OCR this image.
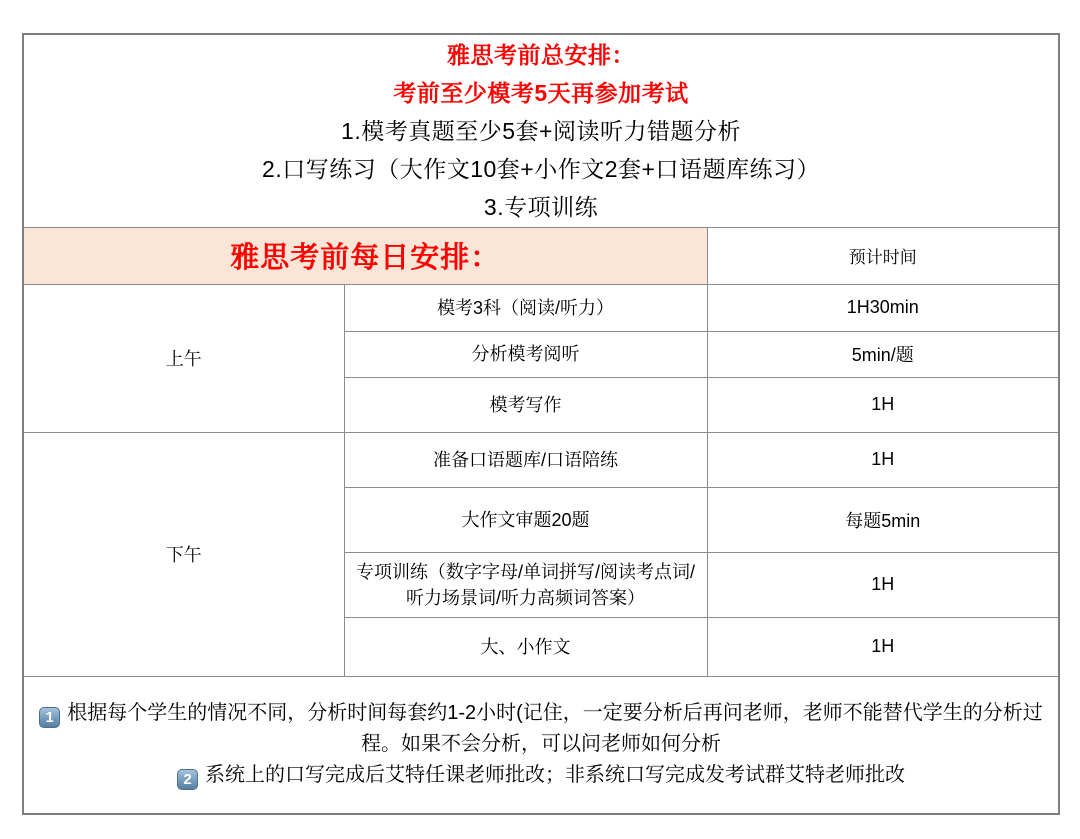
雅思考前总安排：
考前至少模考5天再参加考试
1.模考真题至少5套+阅读听力错题分析
2.口写练习（大作文10套+小作文2套+口语题库练习）
3.专项训练		

雅思考前每日安排：		预计时间
上午	模考3科（阅读/听力）	1H30min
	分析模考阅听	5min/题
	模考写作	1H
下午	准备口语题库/口语陪练	1H
	大作文审题20题	每题5min
	专项训练（数字字母/单词拼写/阅读考点词/听力场景词/听力高频词答案）	1H
	大、小作文	1H

1 根据每个学生的情况不同，分析时间每套约1-2小时(记住，一定要分析后再问老师，老师不能替代学生的分析过程。如果不会分析，可以问老师如何分析
2 系统上的口写完成后艾特任课老师批改；非系统口写完成发考试群艾特老师批改		
